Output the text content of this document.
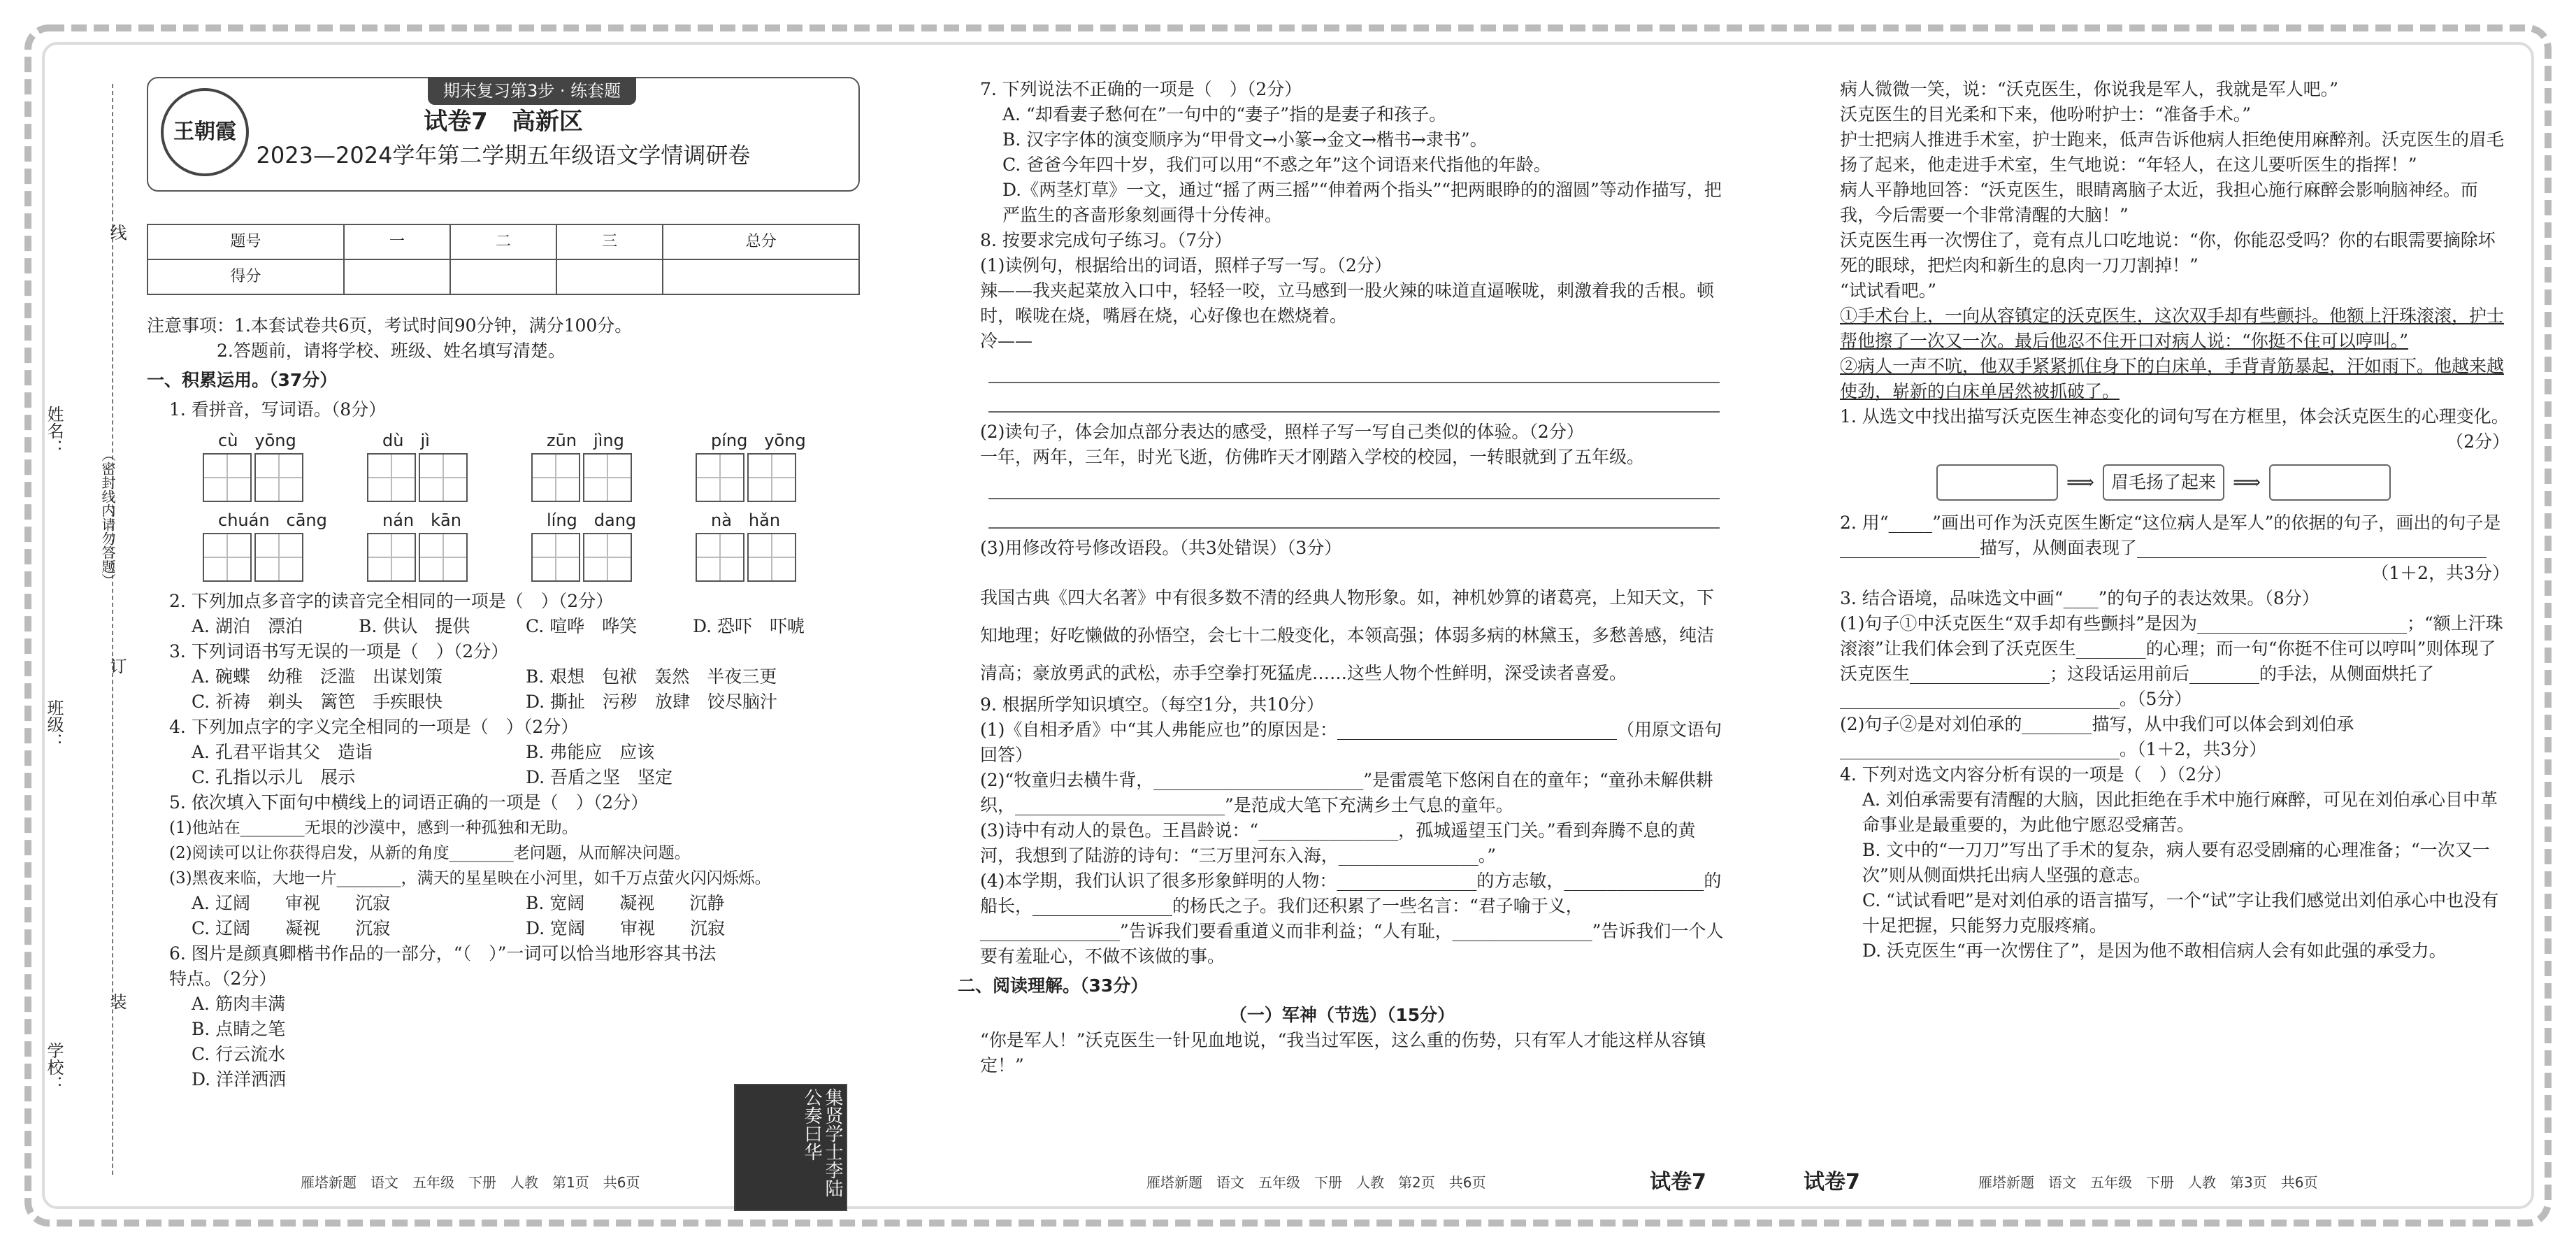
线
订
装
姓名：
班级：
学校：
（密封线内请勿答题）
期末复习第3步 · 练套题
王朝霞	试卷7　高新区
2023—2024学年第二学期五年级语文学情调研卷
题号	一	二	三	总分
得分				

注意事项：1.本套试卷共6页，考试时间90分钟，满分100分。

2.答题前，请将学校、班级、姓名填写清楚。

一、积累运用。（37分）

1. 看拼音，写词语。（8分）

cù　yōng	dù　jì	zūn　jìng	píng　yōng
chuán　cāng	nán　kān	líng　dang	nà　hǎn

2. 下列加点多音字的读音完全相同的一项是（　）（2分）

A. 湖泊　漂泊	B. 供认　提供	C. 喧哗　哗笑	D. 恐吓　吓唬

3. 下列词语书写无误的一项是（　）（2分）

A. 碗蝶　幼稚　泛滥　出谋划策	B. 艰想　包袱　轰然　半夜三更
C. 祈祷　剃头　篱笆　手疾眼快	D. 撕扯　污秽　放肆　饺尽脑汁

4. 下列加点字的字义完全相同的一项是（　）（2分）

A. 孔君平诣其父　造诣	B. 弗能应　应该
C. 孔指以示儿　展示	D. 吾盾之坚　坚定

5. 依次填入下面句中横线上的词语正确的一项是（　）（2分）

(1)他站在________无垠的沙漠中，感到一种孤独和无助。

(2)阅读可以让你获得启发，从新的角度________老问题，从而解决问题。

(3)黑夜来临，大地一片________，满天的星星映在小河里，如千万点萤火闪闪烁烁。

A. 辽阔　　审视　　沉寂	B. 宽阔　　凝视　　沉静
C. 辽阔　　凝视　　沉寂	D. 宽阔　　审视　　沉寂

6. 图片是颜真卿楷书作品的一部分，“（　）”一词可以恰当地形容其书法特点。（2分）

A. 筋肉丰满

B. 点睛之笔

C. 行云流水

D. 洋洋洒洒

集贤学士李陆公奏曰华
雁塔新题　语文　五年级　下册　人教　第1页　共6页

7. 下列说法不正确的一项是（　）（2分）

A. “却看妻子愁何在”一句中的“妻子”指的是妻子和孩子。

B. 汉字字体的演变顺序为“甲骨文→小篆→金文→楷书→隶书”。

C. 爸爸今年四十岁，我们可以用“不惑之年”这个词语来代指他的年龄。

D.《两茎灯草》一文，通过“摇了两三摇”“伸着两个指头”“把两眼睁的的溜圆”等动作描写，把严监生的吝啬形象刻画得十分传神。

8. 按要求完成句子练习。（7分）

(1)读例句，根据给出的词语，照样子写一写。（2分）

辣——我夹起菜放入口中，轻轻一咬，立马感到一股火辣的味道直逼喉咙，刺激着我的舌根。顿时，喉咙在烧，嘴唇在烧，心好像也在燃烧着。

冷——

(2)读句子，体会加点部分表达的感受，照样子写一写自己类似的体验。（2分）

一年，两年，三年，时光飞逝，仿佛昨天才刚踏入学校的校园，一转眼就到了五年级。

(3)用修改符号修改语段。（共3处错误）（3分）

我国古典《四大名著》中有很多数不清的经典人物形象。如，神机妙算的诸葛亮，上知天文，下知地理；好吃懒做的孙悟空，会七十二般变化，本领高强；体弱多病的林黛玉，多愁善感，纯洁清高；豪放勇武的武松，赤手空拳打死猛虎……这些人物个性鲜明，深受读者喜爱。

9. 根据所学知识填空。（每空1分，共10分）

(1)《自相矛盾》中“其人弗能应也”的原因是：________________________________（用原文语句回答）

(2)“牧童归去横牛背，________________________”是雷震笔下悠闲自在的童年；“童孙未解供耕织，________________________”是范成大笔下充满乡土气息的童年。

(3)诗中有动人的景色。王昌龄说：“________________，孤城遥望玉门关。”看到奔腾不息的黄河，我想到了陆游的诗句：“三万里河东入海，________________。”

(4)本学期，我们认识了很多形象鲜明的人物：________________的方志敏，________________的船长，________________的杨氏之子。我们还积累了一些名言：“君子喻于义，________________”告诉我们要看重道义而非利益；“人有耻，________________”告诉我们一个人要有羞耻心，不做不该做的事。

二、阅读理解。（33分）

（一）军神（节选）（15分）

“你是军人！”沃克医生一针见血地说，“我当过军医，这么重的伤势，只有军人才能这样从容镇定！”

雁塔新题　语文　五年级　下册　人教　第2页　共6页	试卷7

病人微微一笑，说：“沃克医生，你说我是军人，我就是军人吧。”

沃克医生的目光柔和下来，他吩咐护士：“准备手术。”

护士把病人推进手术室，护士跑来，低声告诉他病人拒绝使用麻醉剂。沃克医生的眉毛扬了起来，他走进手术室，生气地说：“年轻人，在这儿要听医生的指挥！”

病人平静地回答：“沃克医生，眼睛离脑子太近，我担心施行麻醉会影响脑神经。而我，今后需要一个非常清醒的大脑！”

沃克医生再一次愣住了，竟有点儿口吃地说：“你，你能忍受吗？你的右眼需要摘除坏死的眼球，把烂肉和新生的息肉一刀刀割掉！”

“试试看吧。”

①手术台上，一向从容镇定的沃克医生，这次双手却有些颤抖。他额上汗珠滚滚，护士帮他擦了一次又一次。最后他忍不住开口对病人说：“你挺不住可以哼叫。”

②病人一声不吭，他双手紧紧抓住身下的白床单，手背青筋暴起，汗如雨下。他越来越使劲，崭新的白床单居然被抓破了。

1. 从选文中找出描写沃克医生神态变化的词句写在方框里，体会沃克医生的心理变化。

（2分）

⟹ 眉毛扬了起来 ⟹

2. 用“_____”画出可作为沃克医生断定“这位病人是军人”的依据的句子，画出的句子是________________描写，从侧面表现了________________________________________

（1＋2，共3分）

3. 结合语境，品味选文中画“____”的句子的表达效果。（8分）

(1)句子①中沃克医生“双手却有些颤抖”是因为________________________；“额上汗珠滚滚”让我们体会到了沃克医生________的心理；而一句“你挺不住可以哼叫”则体现了沃克医生________________；这段话运用前后________的手法，从侧面烘托了________________________________。（5分）

(2)句子②是对刘伯承的________描写，从中我们可以体会到刘伯承________________________________。（1＋2，共3分）

4. 下列对选文内容分析有误的一项是（　）（2分）

A. 刘伯承需要有清醒的大脑，因此拒绝在手术中施行麻醉，可见在刘伯承心目中革命事业是最重要的，为此他宁愿忍受痛苦。

B. 文中的“一刀刀”写出了手术的复杂，病人要有忍受剧痛的心理准备；“一次又一次”则从侧面烘托出病人坚强的意志。

C. “试试看吧”是对刘伯承的语言描写，一个“试”字让我们感觉出刘伯承心中也没有十足把握，只能努力克服疼痛。

D. 沃克医生“再一次愣住了”，是因为他不敢相信病人会有如此强的承受力。

试卷7	雁塔新题　语文　五年级　下册　人教　第3页　共6页
